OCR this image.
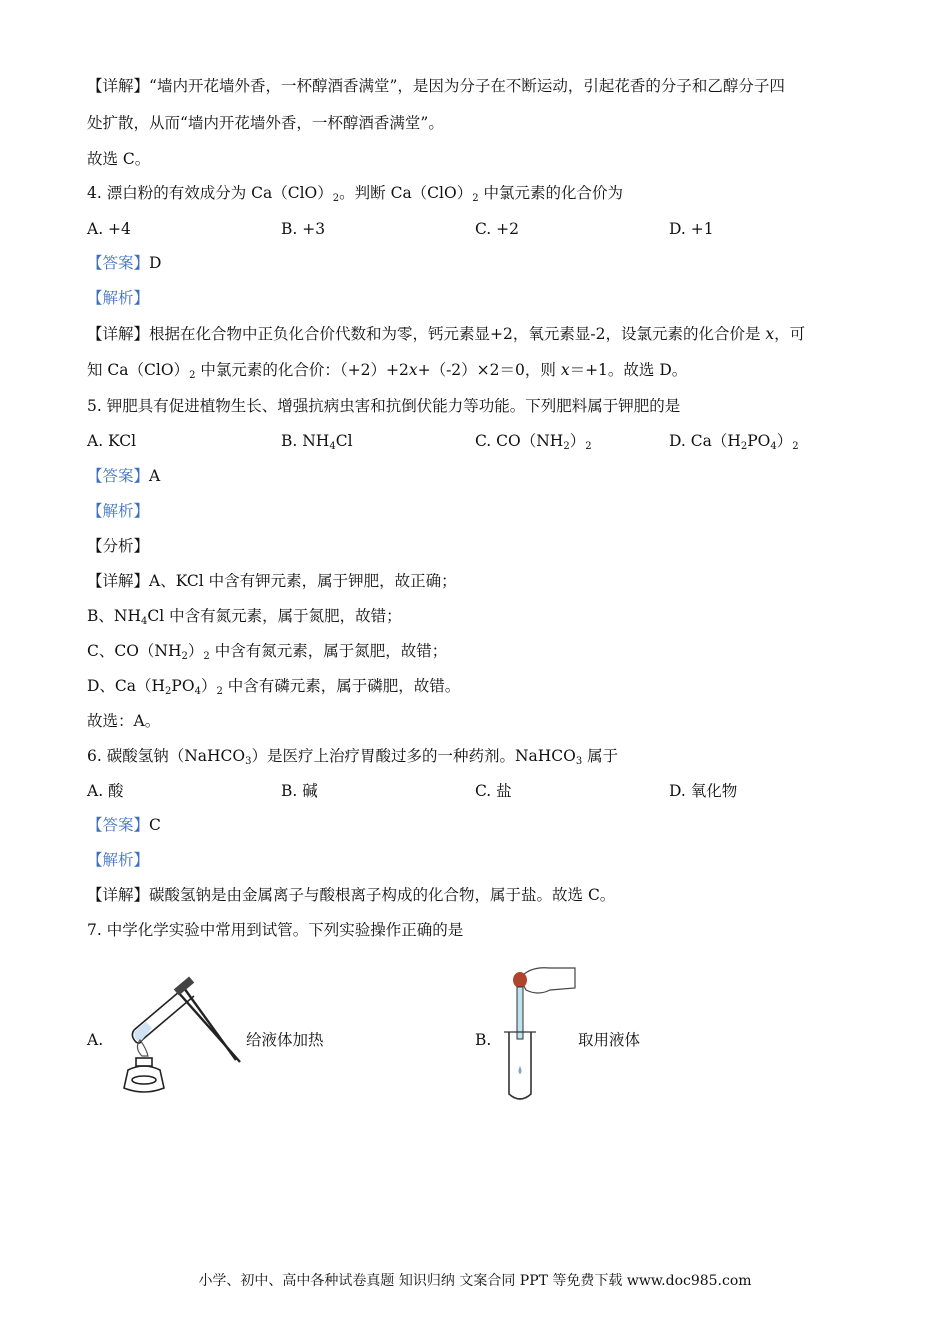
【详解】“墙内开花墙外香，一杯醇酒香满堂”，是因为分子在不断运动，引起花香的分子和乙醇分子四
处扩散，从而“墙内开花墙外香，一杯醇酒香满堂”。
故选 C。
4. 漂白粉的有效成分为 $Ca(ClO)_2$。判断 $Ca(ClO)_2$ 中氯元素的化合价为
A. +4	B. +3	C. +2	D. +1
【答案】D
【解析】
【详解】根据在化合物中正负化合价代数和为零，钙元素显+2，氧元素显-2，设氯元素的化合价是 x，可
知 $Ca(ClO)_2$ 中氯元素的化合价：（+2）+2x+（-2）×2＝0，则 x＝+1。故选 D。
5. 钾肥具有促进植物生长、增强抗病虫害和抗倒伏能力等功能。下列肥料属于钾肥的是
A. KCl	B. $NH_4Cl$	C. $CO(NH_2)_2$	D. $Ca(H_2PO_4)_2$
【答案】A
【解析】
【分析】
【详解】A、KCl 中含有钾元素，属于钾肥，故正确；
B、$NH_4Cl$ 中含有氮元素，属于氮肥，故错；
C、$CO(NH_2)_2$ 中含有氮元素，属于氮肥，故错；
D、$Ca(H_2PO_4)_2$ 中含有磷元素，属于磷肥，故错。
故选：A。
6. 碳酸氢钠（NaHCO$_3$）是医疗上治疗胃酸过多的一种药剂。NaHCO$_3$ 属于
A. 酸	B. 碱	C. 盐	D. 氧化物
【答案】C
【解析】
【详解】碳酸氢钠是由金属离子与酸根离子构成的化合物，属于盐。故选 C。
7. 中学化学实验中常用到试管。下列实验操作正确的是
A.	给液体加热	B.	取用液体
小学、初中、高中各种试卷真题 知识归纳 文案合同 PPT 等免费下载 www.doc985.com
